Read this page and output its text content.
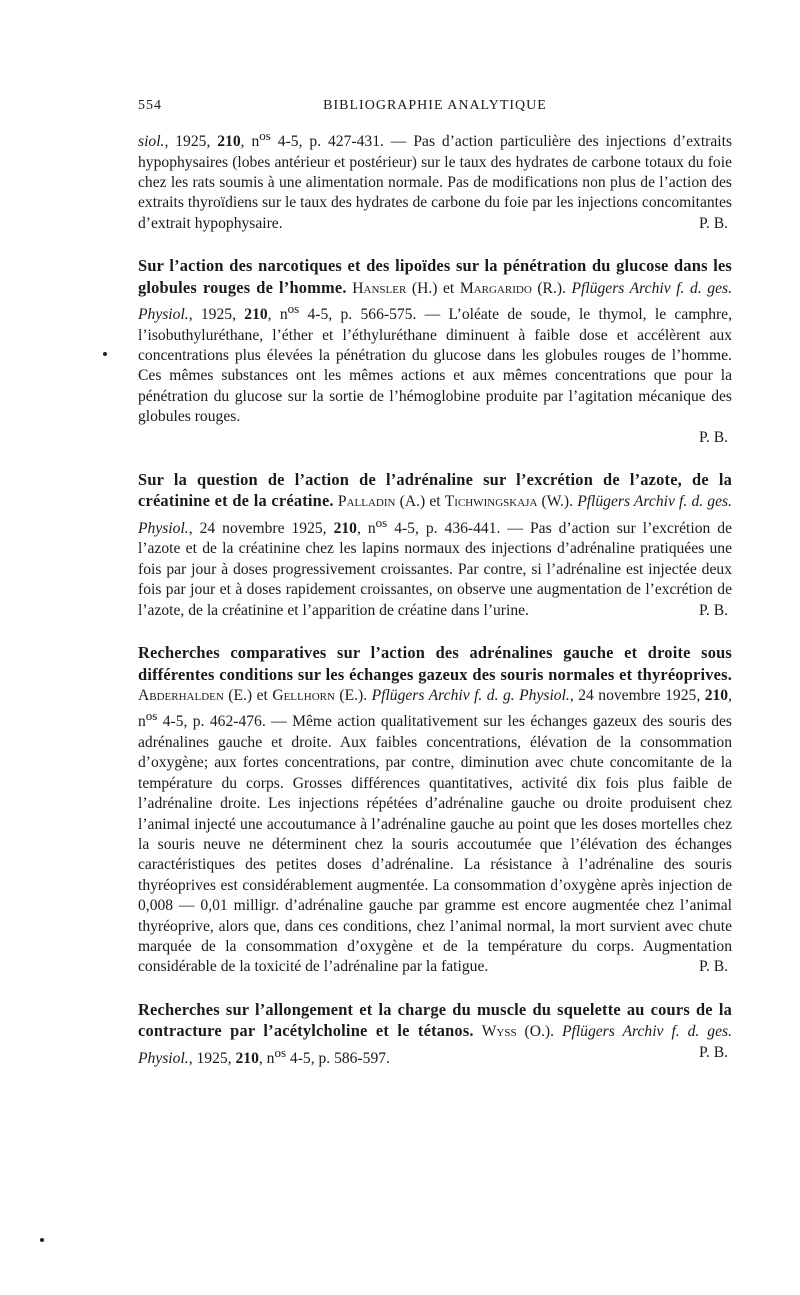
554	BIBLIOGRAPHIE ANALYTIQUE

siol., 1925, 210, $n^{os}$ 4-5, p. 427-431. — Pas d’action particulière des injections d’extraits hypophysaires (lobes antérieur et postérieur) sur le taux des hydrates de carbone totaux du foie chez les rats soumis à une alimentation normale. Pas de modifications non plus de l’action des extraits thyroïdiens sur le taux des hydrates de carbone du foie par les injections concomitantes d’extrait hypophysaire.	P. B.

Sur l’action des narcotiques et des lipoïdes sur la pénétration du glucose dans les globules rouges de l’homme. Hansler (H.) et Margarido (R.). Pflügers Archiv f. d. ges. Physiol., 1925, 210, $n^{os}$ 4-5, p. 566-575. — L’oléate de soude, le thymol, le camphre, l’isobuthyluréthane, l’éther et l’éthyluréthane diminuent à faible dose et accélèrent aux concentrations plus élevées la pénétration du glucose dans les globules rouges de l’homme. Ces mêmes substances ont les mêmes actions et aux mêmes concentrations que pour la pénétration du glucose sur la sortie de l’hémoglobine produite par l’agitation mécanique des globules rouges.
P. B.

Sur la question de l’action de l’adrénaline sur l’excrétion de l’azote, de la créatinine et de la créatine. Palladin (A.) et Tichwingskaja (W.). Pflügers Archiv f. d. ges. Physiol., 24 novembre 1925, 210, $n^{os}$ 4-5, p. 436-441. — Pas d’action sur l’excrétion de l’azote et de la créatinine chez les lapins normaux des injections d’adrénaline pratiquées une fois par jour à doses progressivement croissantes. Par contre, si l’adrénaline est injectée deux fois par jour et à doses rapidement croissantes, on observe une augmentation de l’excrétion de l’azote, de la créatinine et l’apparition de créatine dans l’urine.	P. B.

Recherches comparatives sur l’action des adrénalines gauche et droite sous différentes conditions sur les échanges gazeux des souris normales et thyréoprives. Abderhalden (E.) et Gellhorn (E.). Pflügers Archiv f. d. g. Physiol., 24 novembre 1925, 210, $n^{os}$ 4-5, p. 462-476. — Même action qualitativement sur les échanges gazeux des souris des adrénalines gauche et droite. Aux faibles concentrations, élévation de la consommation d’oxygène; aux fortes concentrations, par contre, diminution avec chute concomitante de la température du corps. Grosses différences quantitatives, activité dix fois plus faible de l’adrénaline droite. Les injections répétées d’adrénaline gauche ou droite produisent chez l’animal injecté une accoutumance à l’adrénaline gauche au point que les doses mortelles chez la souris neuve ne déterminent chez la souris accoutumée que l’élévation des échanges caractéristiques des petites doses d’adrénaline. La résistance à l’adrénaline des souris thyréoprives est considérablement augmentée. La consommation d’oxygène après injection de 0,008 — 0,01 milligr. d’adrénaline gauche par gramme est encore augmentée chez l’animal thyréoprive, alors que, dans ces conditions, chez l’animal normal, la mort survient avec chute marquée de la consommation d’oxygène et de la température du corps. Augmentation considérable de la toxicité de l’adrénaline par la fatigue.	P. B.

Recherches sur l’allongement et la charge du muscle du squelette au cours de la contracture par l’acétylcholine et le tétanos. Wyss (O.). Pflügers Archiv f. d. ges. Physiol., 1925, 210, $n^{os}$ 4-5, p. 586-597.	P. B.
